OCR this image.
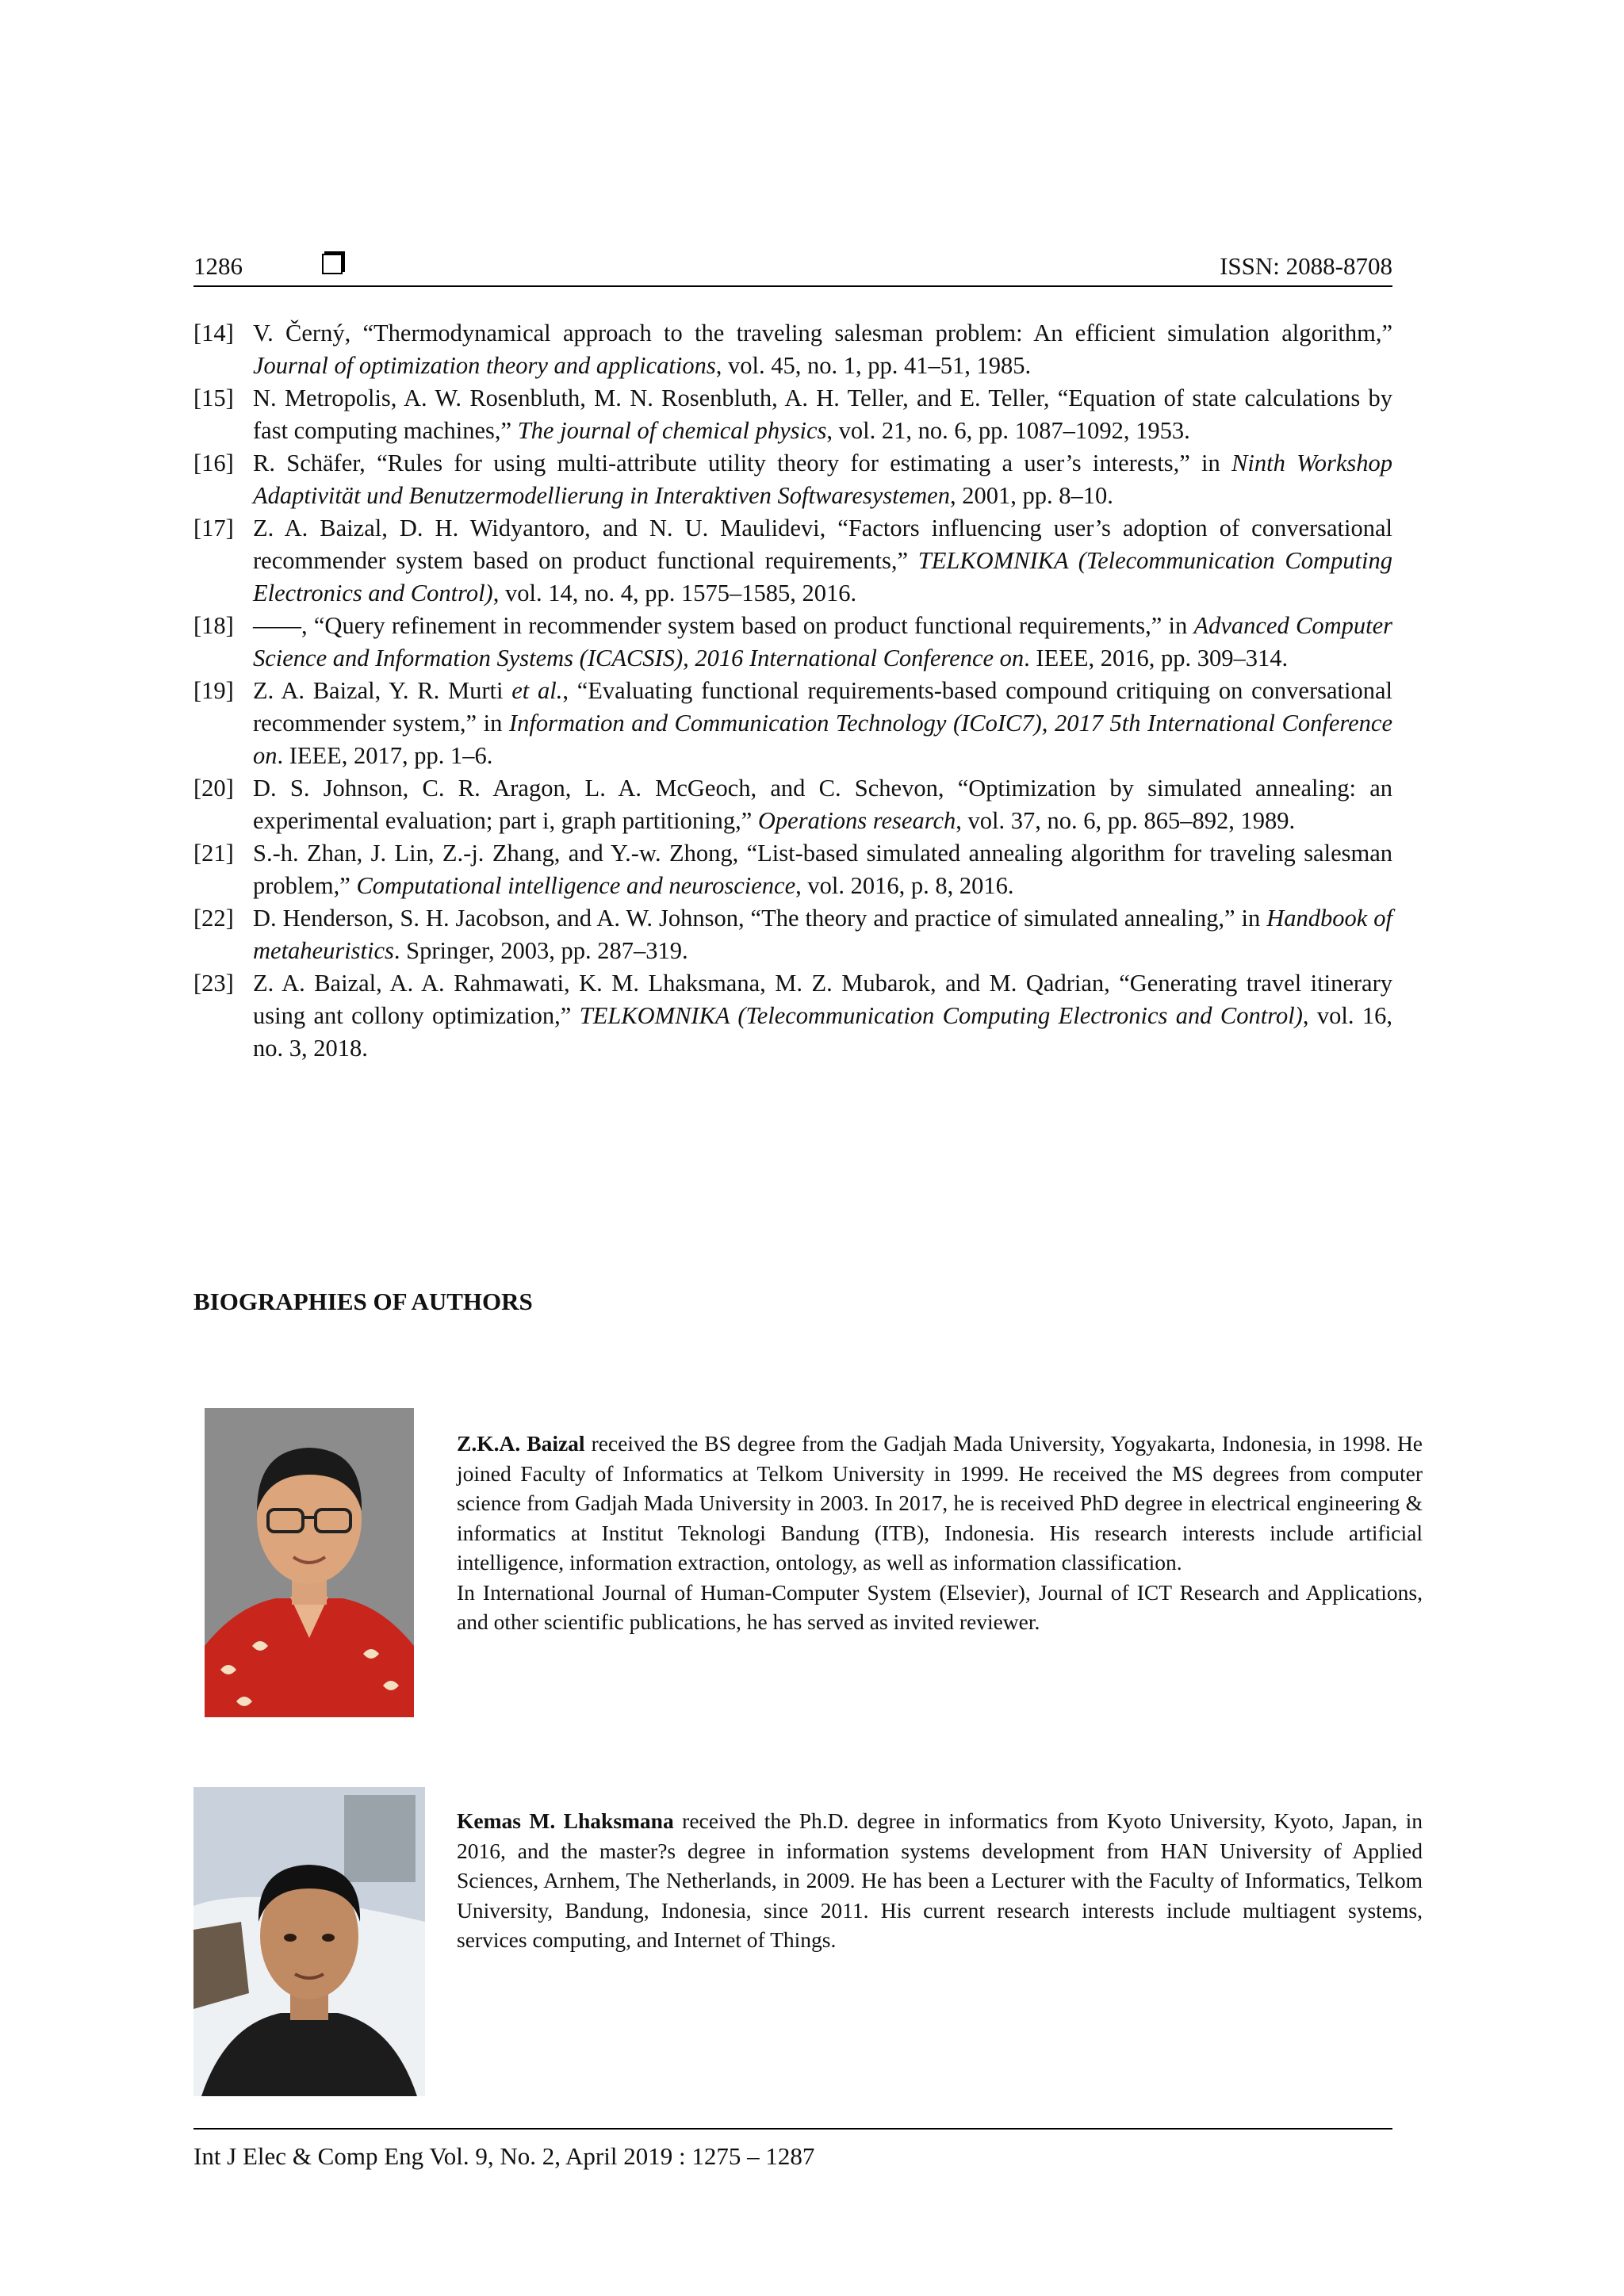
1286	ISSN: 2088-8708
[14] V. Černý, “Thermodynamical approach to the traveling salesman problem: An efficient simulation algorithm,” Journal of optimization theory and applications, vol. 45, no. 1, pp. 41–51, 1985.
[15] N. Metropolis, A. W. Rosenbluth, M. N. Rosenbluth, A. H. Teller, and E. Teller, “Equation of state calculations by fast computing machines,” The journal of chemical physics, vol. 21, no. 6, pp. 1087–1092, 1953.
[16] R. Schäfer, “Rules for using multi-attribute utility theory for estimating a user’s interests,” in Ninth Workshop Adaptivität und Benutzermodellierung in Interaktiven Softwaresystemen, 2001, pp. 8–10.
[17] Z. A. Baizal, D. H. Widyantoro, and N. U. Maulidevi, “Factors influencing user’s adoption of conversational recommender system based on product functional requirements,” TELKOMNIKA (Telecommunication Computing Electronics and Control), vol. 14, no. 4, pp. 1575–1585, 2016.
[18] ——, “Query refinement in recommender system based on product functional requirements,” in Advanced Computer Science and Information Systems (ICACSIS), 2016 International Conference on. IEEE, 2016, pp. 309–314.
[19] Z. A. Baizal, Y. R. Murti et al., “Evaluating functional requirements-based compound critiquing on conversational recommender system,” in Information and Communication Technology (ICoIC7), 2017 5th International Conference on. IEEE, 2017, pp. 1–6.
[20] D. S. Johnson, C. R. Aragon, L. A. McGeoch, and C. Schevon, “Optimization by simulated annealing: an experimental evaluation; part i, graph partitioning,” Operations research, vol. 37, no. 6, pp. 865–892, 1989.
[21] S.-h. Zhan, J. Lin, Z.-j. Zhang, and Y.-w. Zhong, “List-based simulated annealing algorithm for traveling salesman problem,” Computational intelligence and neuroscience, vol. 2016, p. 8, 2016.
[22] D. Henderson, S. H. Jacobson, and A. W. Johnson, “The theory and practice of simulated annealing,” in Handbook of metaheuristics. Springer, 2003, pp. 287–319.
[23] Z. A. Baizal, A. A. Rahmawati, K. M. Lhaksmana, M. Z. Mubarok, and M. Qadrian, “Generating travel itinerary using ant collony optimization,” TELKOMNIKA (Telecommunication Computing Electronics and Control), vol. 16, no. 3, 2018.
BIOGRAPHIES OF AUTHORS
Z.K.A. Baizal received the BS degree from the Gadjah Mada University, Yogyakarta, Indonesia, in 1998. He joined Faculty of Informatics at Telkom University in 1999. He received the MS degrees from computer science from Gadjah Mada University in 2003. In 2017, he is received PhD degree in electrical engineering & informatics at Institut Teknologi Bandung (ITB), Indonesia. His research interests include artificial intelligence, information extraction, ontology, as well as information classification.
In International Journal of Human-Computer System (Elsevier), Journal of ICT Research and Applications, and other scientific publications, he has served as invited reviewer.
Kemas M. Lhaksmana received the Ph.D. degree in informatics from Kyoto University, Kyoto, Japan, in 2016, and the master?s degree in information systems development from HAN University of Applied Sciences, Arnhem, The Netherlands, in 2009. He has been a Lecturer with the Faculty of Informatics, Telkom University, Bandung, Indonesia, since 2011. His current research interests include multiagent systems, services computing, and Internet of Things.
Int J Elec & Comp Eng Vol. 9, No. 2, April 2019 : 1275 – 1287
